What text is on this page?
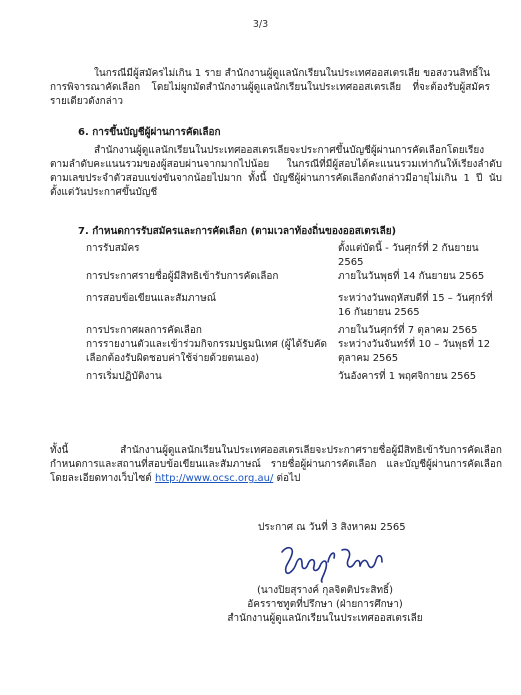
3/3

ในกรณีมีผู้สมัครไม่เกิน 1 ราย สำนักงานผู้ดูแลนักเรียนในประเทศออสเตรเลีย ขอสงวนสิทธิ์ในการพิจารณาคัดเลือก โดยไม่ผูกมัดสำนักงานผู้ดูแลนักเรียนในประเทศออสเตรเลีย ที่จะต้องรับผู้สมัครรายเดียวดังกล่าว

6. การขึ้นบัญชีผู้ผ่านการคัดเลือก

สำนักงานผู้ดูแลนักเรียนในประเทศออสเตรเลียจะประกาศขึ้นบัญชีผู้ผ่านการคัดเลือกโดยเรียงตามลำดับคะแนนรวมของผู้สอบผ่านจากมากไปน้อย ในกรณีที่มีผู้สอบได้คะแนนรวมเท่ากันให้เรียงลำดับตามเลขประจำตัวสอบแข่งขันจากน้อยไปมาก ทั้งนี้ บัญชีผู้ผ่านการคัดเลือกดังกล่าวมีอายุไม่เกิน 1 ปี นับตั้งแต่วันประกาศขึ้นบัญชี

7. กำหนดการรับสมัครและการคัดเลือก (ตามเวลาท้องถิ่นของออสเตรเลีย)
การรับสมัคร	ตั้งแต่บัดนี้ - วันศุกร์ที่ 2 กันยายน 2565
การประกาศรายชื่อผู้มีสิทธิเข้ารับการคัดเลือก	ภายในวันพุธที่ 14 กันยายน 2565
การสอบข้อเขียนและสัมภาษณ์	ระหว่างวันพฤหัสบดีที่ 15 – วันศุกร์ที่ 16 กันยายน 2565
การประกาศผลการคัดเลือก	ภายในวันศุกร์ที่ 7 ตุลาคม 2565
การรายงานตัวและเข้าร่วมกิจกรรมปฐมนิเทศ (ผู้ได้รับคัดเลือกต้องรับผิดชอบค่าใช้จ่ายด้วยตนเอง)	ระหว่างวันจันทร์ที่ 10 – วันพุธที่ 12 ตุลาคม 2565
การเริ่มปฏิบัติงาน	วันอังคารที่ 1 พฤศจิกายน 2565

ทั้งนี้ สำนักงานผู้ดูแลนักเรียนในประเทศออสเตรเลียจะประกาศรายชื่อผู้มีสิทธิเข้ารับการคัดเลือก กำหนดการและสถานที่สอบข้อเขียนและสัมภาษณ์ รายชื่อผู้ผ่านการคัดเลือก และบัญชีผู้ผ่านการคัดเลือกโดยละเอียดทางเว็บไซต์ http://www.ocsc.org.au/ ต่อไป

ประกาศ ณ วันที่ 3 สิงหาคม 2565
(นางปิยสุรางค์ กุลจิตติประสิทธิ์)
อัครราชทูตที่ปรึกษา (ฝ่ายการศึกษา)
สำนักงานผู้ดูแลนักเรียนในประเทศออสเตรเลีย
